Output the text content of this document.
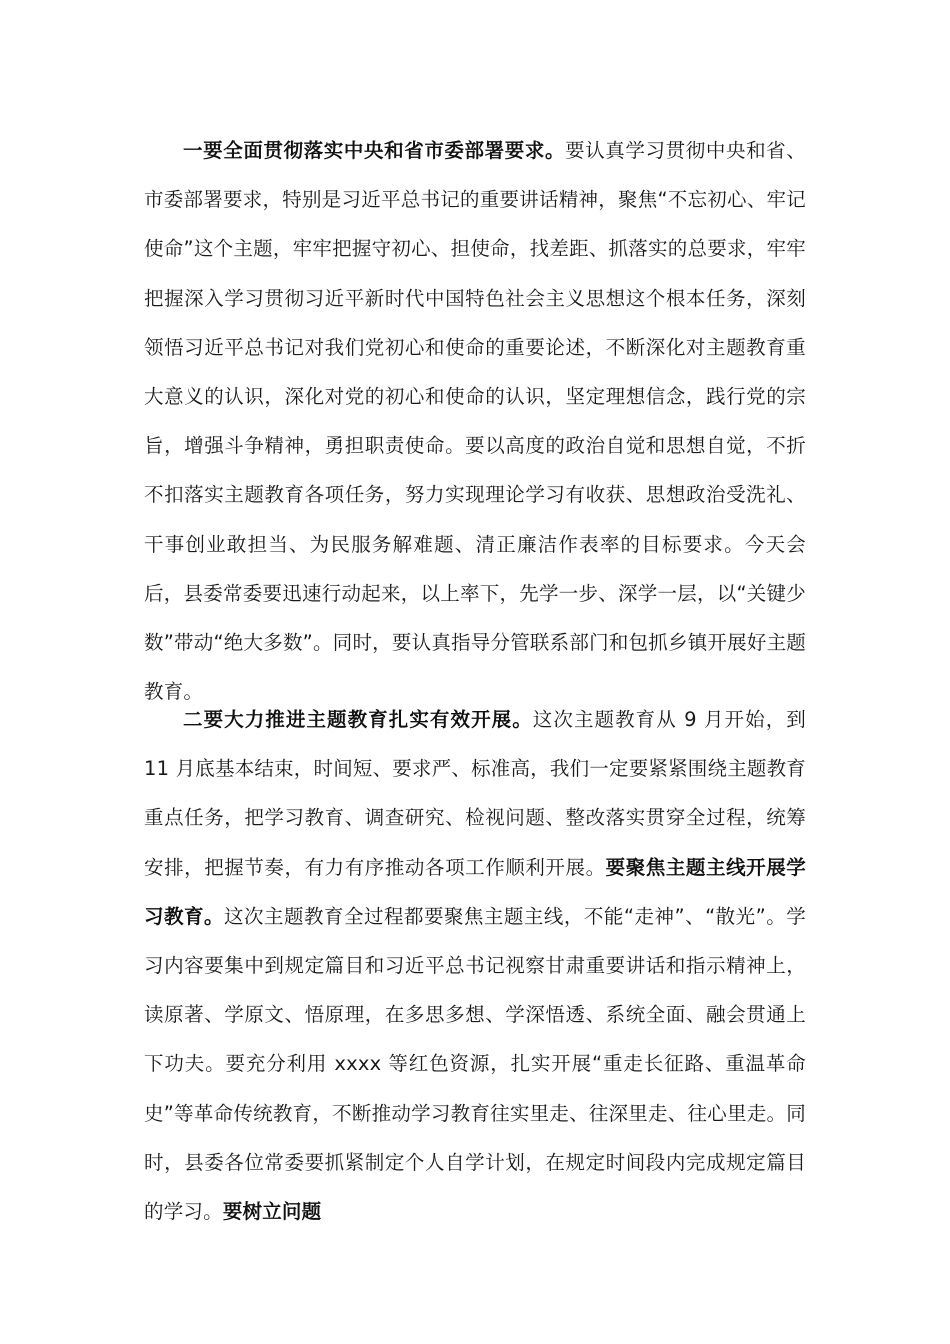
一要全面贯彻落实中央和省市委部署要求。要认真学习贯彻中央和省、市委部署要求，特别是习近平总书记的重要讲话精神，聚焦“不忘初心、牢记使命”这个主题，牢牢把握守初心、担使命，找差距、抓落实的总要求，牢牢把握深入学习贯彻习近平新时代中国特色社会主义思想这个根本任务，深刻领悟习近平总书记对我们党初心和使命的重要论述，不断深化对主题教育重大意义的认识，深化对党的初心和使命的认识，坚定理想信念，践行党的宗旨，增强斗争精神，勇担职责使命。要以高度的政治自觉和思想自觉，不折不扣落实主题教育各项任务，努力实现理论学习有收获、思想政治受洗礼、干事创业敢担当、为民服务解难题、清正廉洁作表率的目标要求。今天会后，县委常委要迅速行动起来，以上率下，先学一步、深学一层，以“关键少数”带动“绝大多数”。同时，要认真指导分管联系部门和包抓乡镇开展好主题教育。

二要大力推进主题教育扎实有效开展。这次主题教育从 9 月开始，到 11 月底基本结束，时间短、要求严、标准高，我们一定要紧紧围绕主题教育重点任务，把学习教育、调查研究、检视问题、整改落实贯穿全过程，统筹安排，把握节奏，有力有序推动各项工作顺利开展。要聚焦主题主线开展学习教育。这次主题教育全过程都要聚焦主题主线，不能“走神”、“散光”。学习内容要集中到规定篇目和习近平总书记视察甘肃重要讲话和指示精神上，读原著、学原文、悟原理，在多思多想、学深悟透、系统全面、融会贯通上下功夫。要充分利用 xxxx 等红色资源，扎实开展“重走长征路、重温革命史”等革命传统教育，不断推动学习教育往实里走、往深里走、往心里走。同时，县委各位常委要抓紧制定个人自学计划，在规定时间段内完成规定篇目的学习。要树立问题
